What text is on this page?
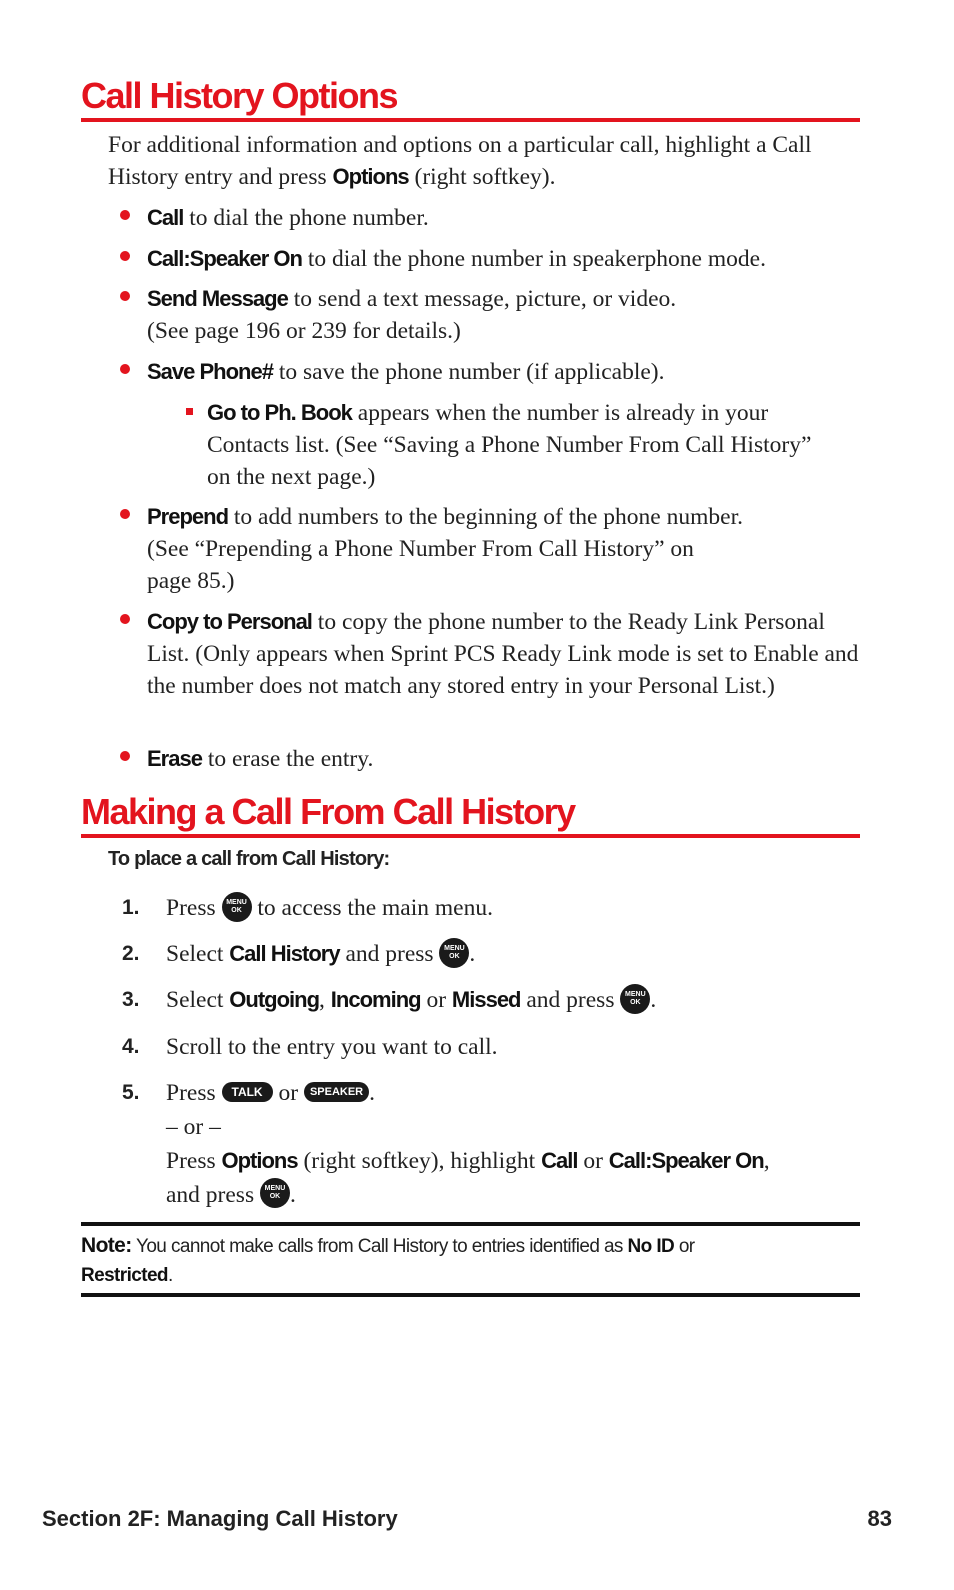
Call History Options
For additional information and options on a particular call, highlight a Call History entry and press Options (right softkey).
Call to dial the phone number.
Call:Speaker On to dial the phone number in speakerphone mode.
Send Message to send a text message, picture, or video.
(See page 196 or 239 for details.)
Save Phone# to save the phone number (if applicable).
Go to Ph. Book appears when the number is already in your Contacts list. (See “Saving a Phone Number From Call History” on the next page.)
Prepend to add numbers to the beginning of the phone number.
(See “Prepending a Phone Number From Call History” on
page 85.)
Copy to Personal to copy the phone number to the Ready Link Personal List. (Only appears when Sprint PCS Ready Link mode is set to Enable and the number does not match any stored entry in your Personal List.)
Erase to erase the entry.
Making a Call From Call History
To place a call from Call History:
1. Press MENU
OK to access the main menu.
2. Select Call History and press MENU
OK .
3. Select Outgoing, Incoming or Missed and press MENU
OK .
4. Scroll to the entry you want to call.
5. Press TALK or SPEAKER .
– or –
Press Options (right softkey), highlight Call or Call:Speaker On,
and press MENU
OK .
Note: You cannot make calls from Call History to entries identified as No ID or
Restricted.
Section 2F: Managing Call History	83
